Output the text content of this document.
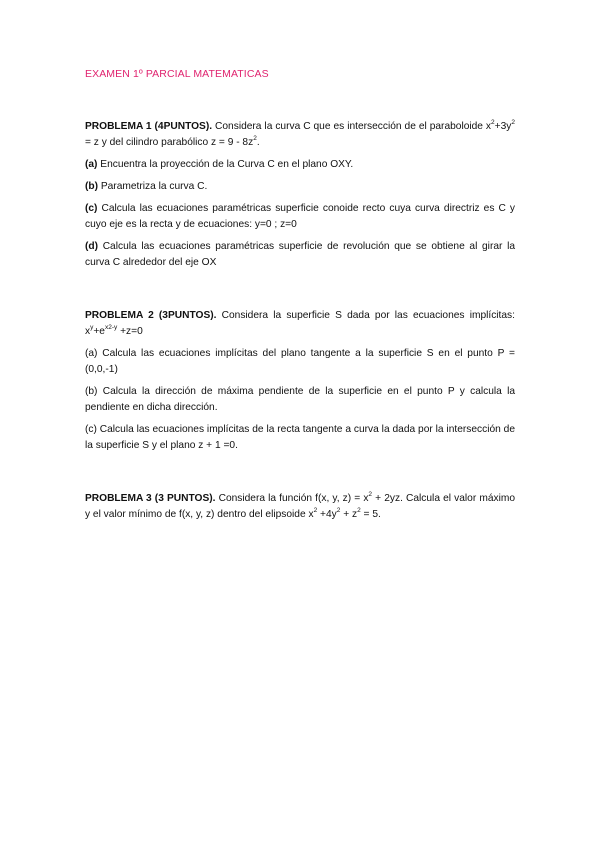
EXAMEN 1º PARCIAL MATEMATICAS

PROBLEMA 1 (4PUNTOS). Considera la curva C que es intersección de el paraboloide $x^2+3y^2 = z$ y del cilindro parabólico $z = 9 - 8z^2$.

(a) Encuentra la proyección de la Curva C en el plano OXY.

(b) Parametriza la curva C.

(c) Calcula las ecuaciones paramétricas superficie conoide recto cuya curva directriz es C y cuyo eje es la recta y de ecuaciones: y=0 ; z=0

(d) Calcula las ecuaciones paramétricas superficie de revolución que se obtiene al girar la curva C alrededor del eje OX

PROBLEMA 2 (3PUNTOS). Considera la superficie S dada por las ecuaciones implícitas: $x^y+e^{x2-y} +z=0$

(a) Calcula las ecuaciones implícitas del plano tangente a la superficie S en el punto P =(0,0,-1)

(b) Calcula la dirección de máxima pendiente de la superficie en el punto P y calcula la pendiente en dicha dirección.

(c) Calcula las ecuaciones implícitas de la recta tangente a curva la dada por la intersección de la superficie S y el plano z + 1 =0.

PROBLEMA 3 (3 PUNTOS). Considera la función f(x, y, $z) = x^2 + 2yz$. Calcula el valor máximo y el valor mínimo de f(x, y, z) dentro del elipsoide $x^2 +4y^2 + z^2 = 5$.
